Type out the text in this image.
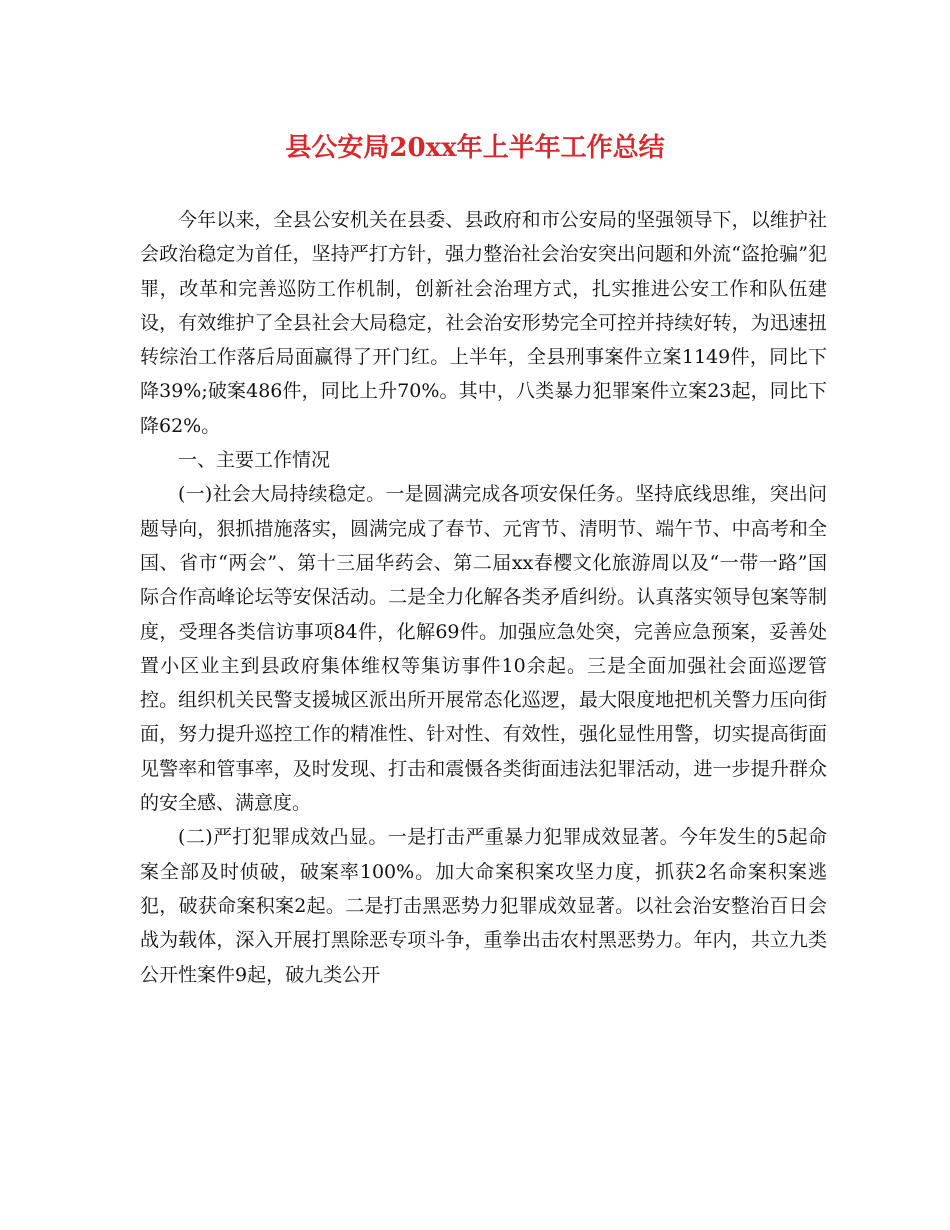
县公安局20xx年上半年工作总结

今年以来，全县公安机关在县委、县政府和市公安局的坚强领导下，以维护社会政治稳定为首任，坚持严打方针，强力整治社会治安突出问题和外流“盗抢骗”犯罪，改革和完善巡防工作机制，创新社会治理方式，扎实推进公安工作和队伍建设，有效维护了全县社会大局稳定，社会治安形势完全可控并持续好转，为迅速扭转综治工作落后局面赢得了开门红。上半年，全县刑事案件立案1149件，同比下降39%;破案486件，同比上升70%。其中，八类暴力犯罪案件立案23起，同比下降62%。

一、主要工作情况

(一)社会大局持续稳定。一是圆满完成各项安保任务。坚持底线思维，突出问题导向，狠抓措施落实，圆满完成了春节、元宵节、清明节、端午节、中高考和全国、省市“两会”、第十三届华药会、第二届xx春樱文化旅游周以及“一带一路”国际合作高峰论坛等安保活动。二是全力化解各类矛盾纠纷。认真落实领导包案等制度，受理各类信访事项84件，化解69件。加强应急处突，完善应急预案，妥善处置小区业主到县政府集体维权等集访事件10余起。三是全面加强社会面巡逻管控。组织机关民警支援城区派出所开展常态化巡逻，最大限度地把机关警力压向街面，努力提升巡控工作的精准性、针对性、有效性，强化显性用警，切实提高街面见警率和管事率，及时发现、打击和震慑各类街面违法犯罪活动，进一步提升群众的安全感、满意度。

(二)严打犯罪成效凸显。一是打击严重暴力犯罪成效显著。今年发生的5起命案全部及时侦破，破案率100%。加大命案积案攻坚力度，抓获2名命案积案逃犯，破获命案积案2起。二是打击黑恶势力犯罪成效显著。以社会治安整治百日会战为载体，深入开展打黑除恶专项斗争，重拳出击农村黑恶势力。年内，共立九类公开性案件9起，破九类公开
